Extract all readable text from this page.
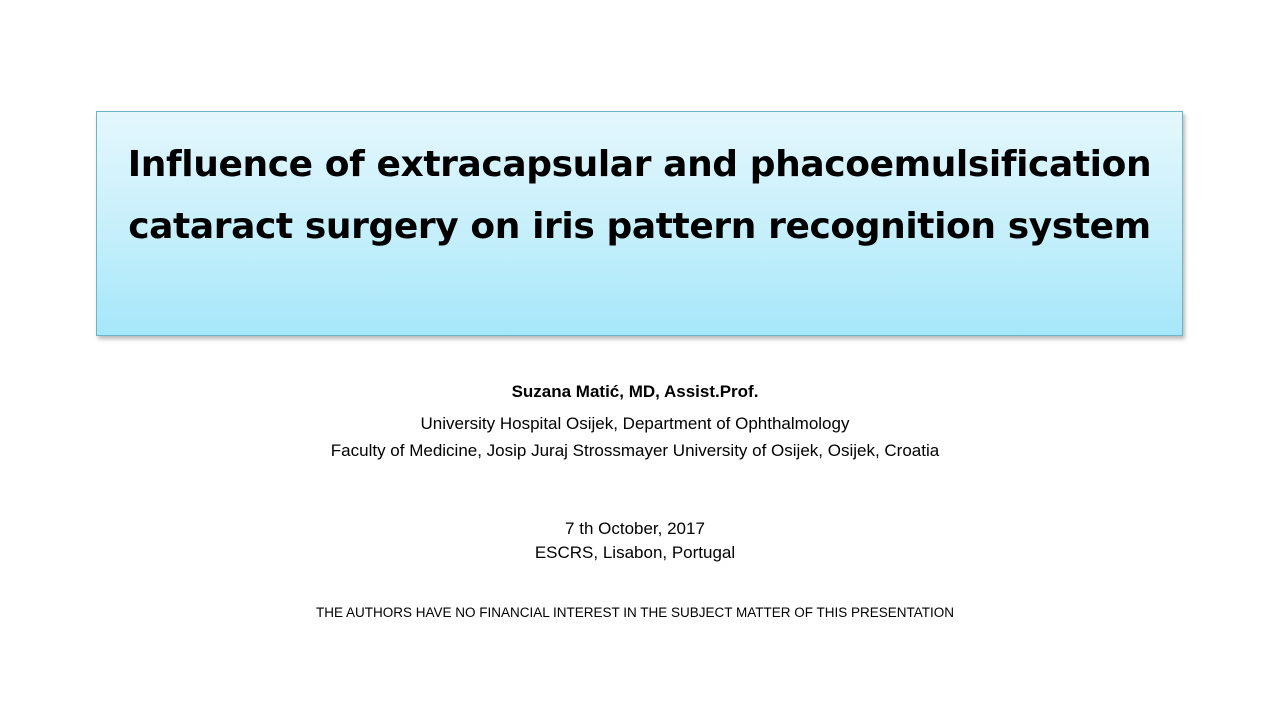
Influence of extracapsular and phacoemulsification
cataract surgery on iris pattern recognition system
Suzana Matić, MD, Assist.Prof.
University Hospital Osijek, Department of Ophthalmology
Faculty of Medicine, Josip Juraj Strossmayer University of Osijek, Osijek, Croatia
7 th October, 2017
ESCRS, Lisabon, Portugal
THE AUTHORS HAVE NO FINANCIAL INTEREST IN THE SUBJECT MATTER OF THIS PRESENTATION
